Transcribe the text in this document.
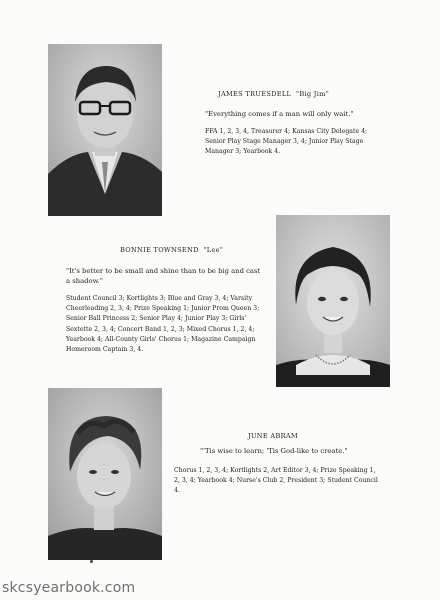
JAMES TRUESDELL "Big Jim"
"Everything comes if a man will only wait."
FFA 1, 2, 3, 4, Treasurer 4; Kansas City Delegate 4; Senior Play Stage Manager 3, 4; Junior Play Stage Manager 3; Yearbook 4.
BONNIE TOWNSEND "Lee"
"It's better to be small and shine than to be big and cast a shadow."
Student Council 3; Kortlights 3; Blue and Gray 3, 4; Varsity Cheerleading 2, 3, 4; Prize Speaking 1; Junior Prom Queen 3; Senior Ball Princess 2; Senior Play 4; Junior Play 3; Girls' Sextette 2, 3, 4; Concert Band 1, 2, 3; Mixed Chorus 1, 2, 4; Yearbook 4; All-County Girls' Chorus 1; Magazine Campaign Homeroom Captain 3, 4.
JUNE ABRAM
"'Tis wise to learn; 'Tis God-like to create."
Chorus 1, 2, 3, 4; Kortlights 2, Art Editor 3, 4; Prize Speaking 1, 2, 3, 4; Yearbook 4; Nurse's Club 2, President 3; Student Council 4.
skcsyearbook.com
